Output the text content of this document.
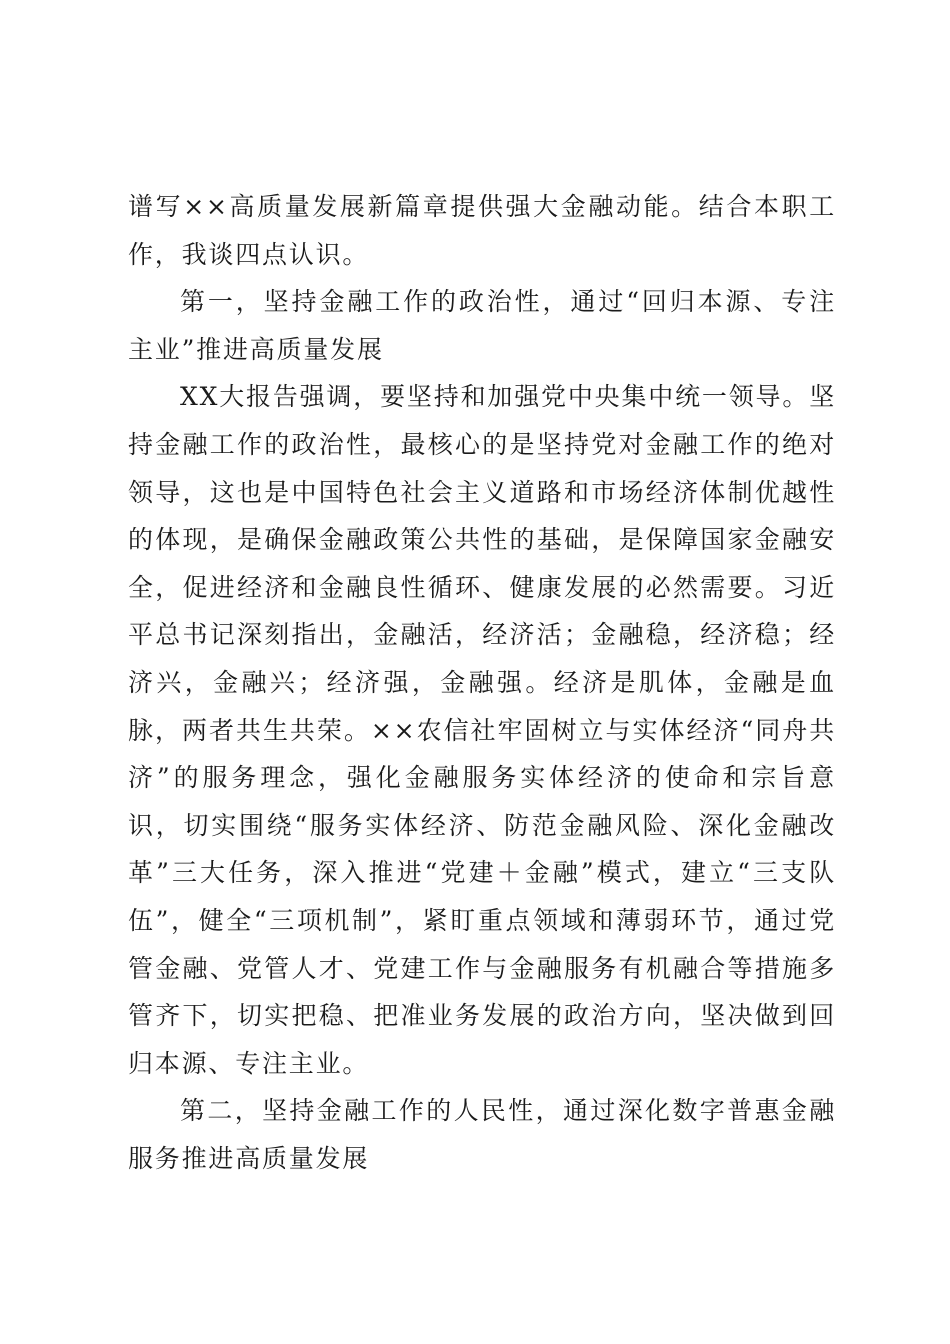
谱写××高质量发展新篇章提供强大金融动能。结合本职工作，我谈四点认识。

第一，坚持金融工作的政治性，通过“回归本源、专注主业”推进高质量发展

XX大报告强调，要坚持和加强党中央集中统一领导。坚持金融工作的政治性，最核心的是坚持党对金融工作的绝对领导，这也是中国特色社会主义道路和市场经济体制优越性的体现，是确保金融政策公共性的基础，是保障国家金融安全，促进经济和金融良性循环、健康发展的必然需要。习近平总书记深刻指出，金融活，经济活；金融稳，经济稳；经济兴，金融兴；经济强，金融强。经济是肌体，金融是血脉，两者共生共荣。××农信社牢固树立与实体经济“同舟共济”的服务理念，强化金融服务实体经济的使命和宗旨意识，切实围绕“服务实体经济、防范金融风险、深化金融改革”三大任务，深入推进“党建＋金融”模式，建立“三支队伍”，健全“三项机制”，紧盯重点领域和薄弱环节，通过党管金融、党管人才、党建工作与金融服务有机融合等措施多管齐下，切实把稳、把准业务发展的政治方向，坚决做到回归本源、专注主业。

第二，坚持金融工作的人民性，通过深化数字普惠金融服务推进高质量发展
